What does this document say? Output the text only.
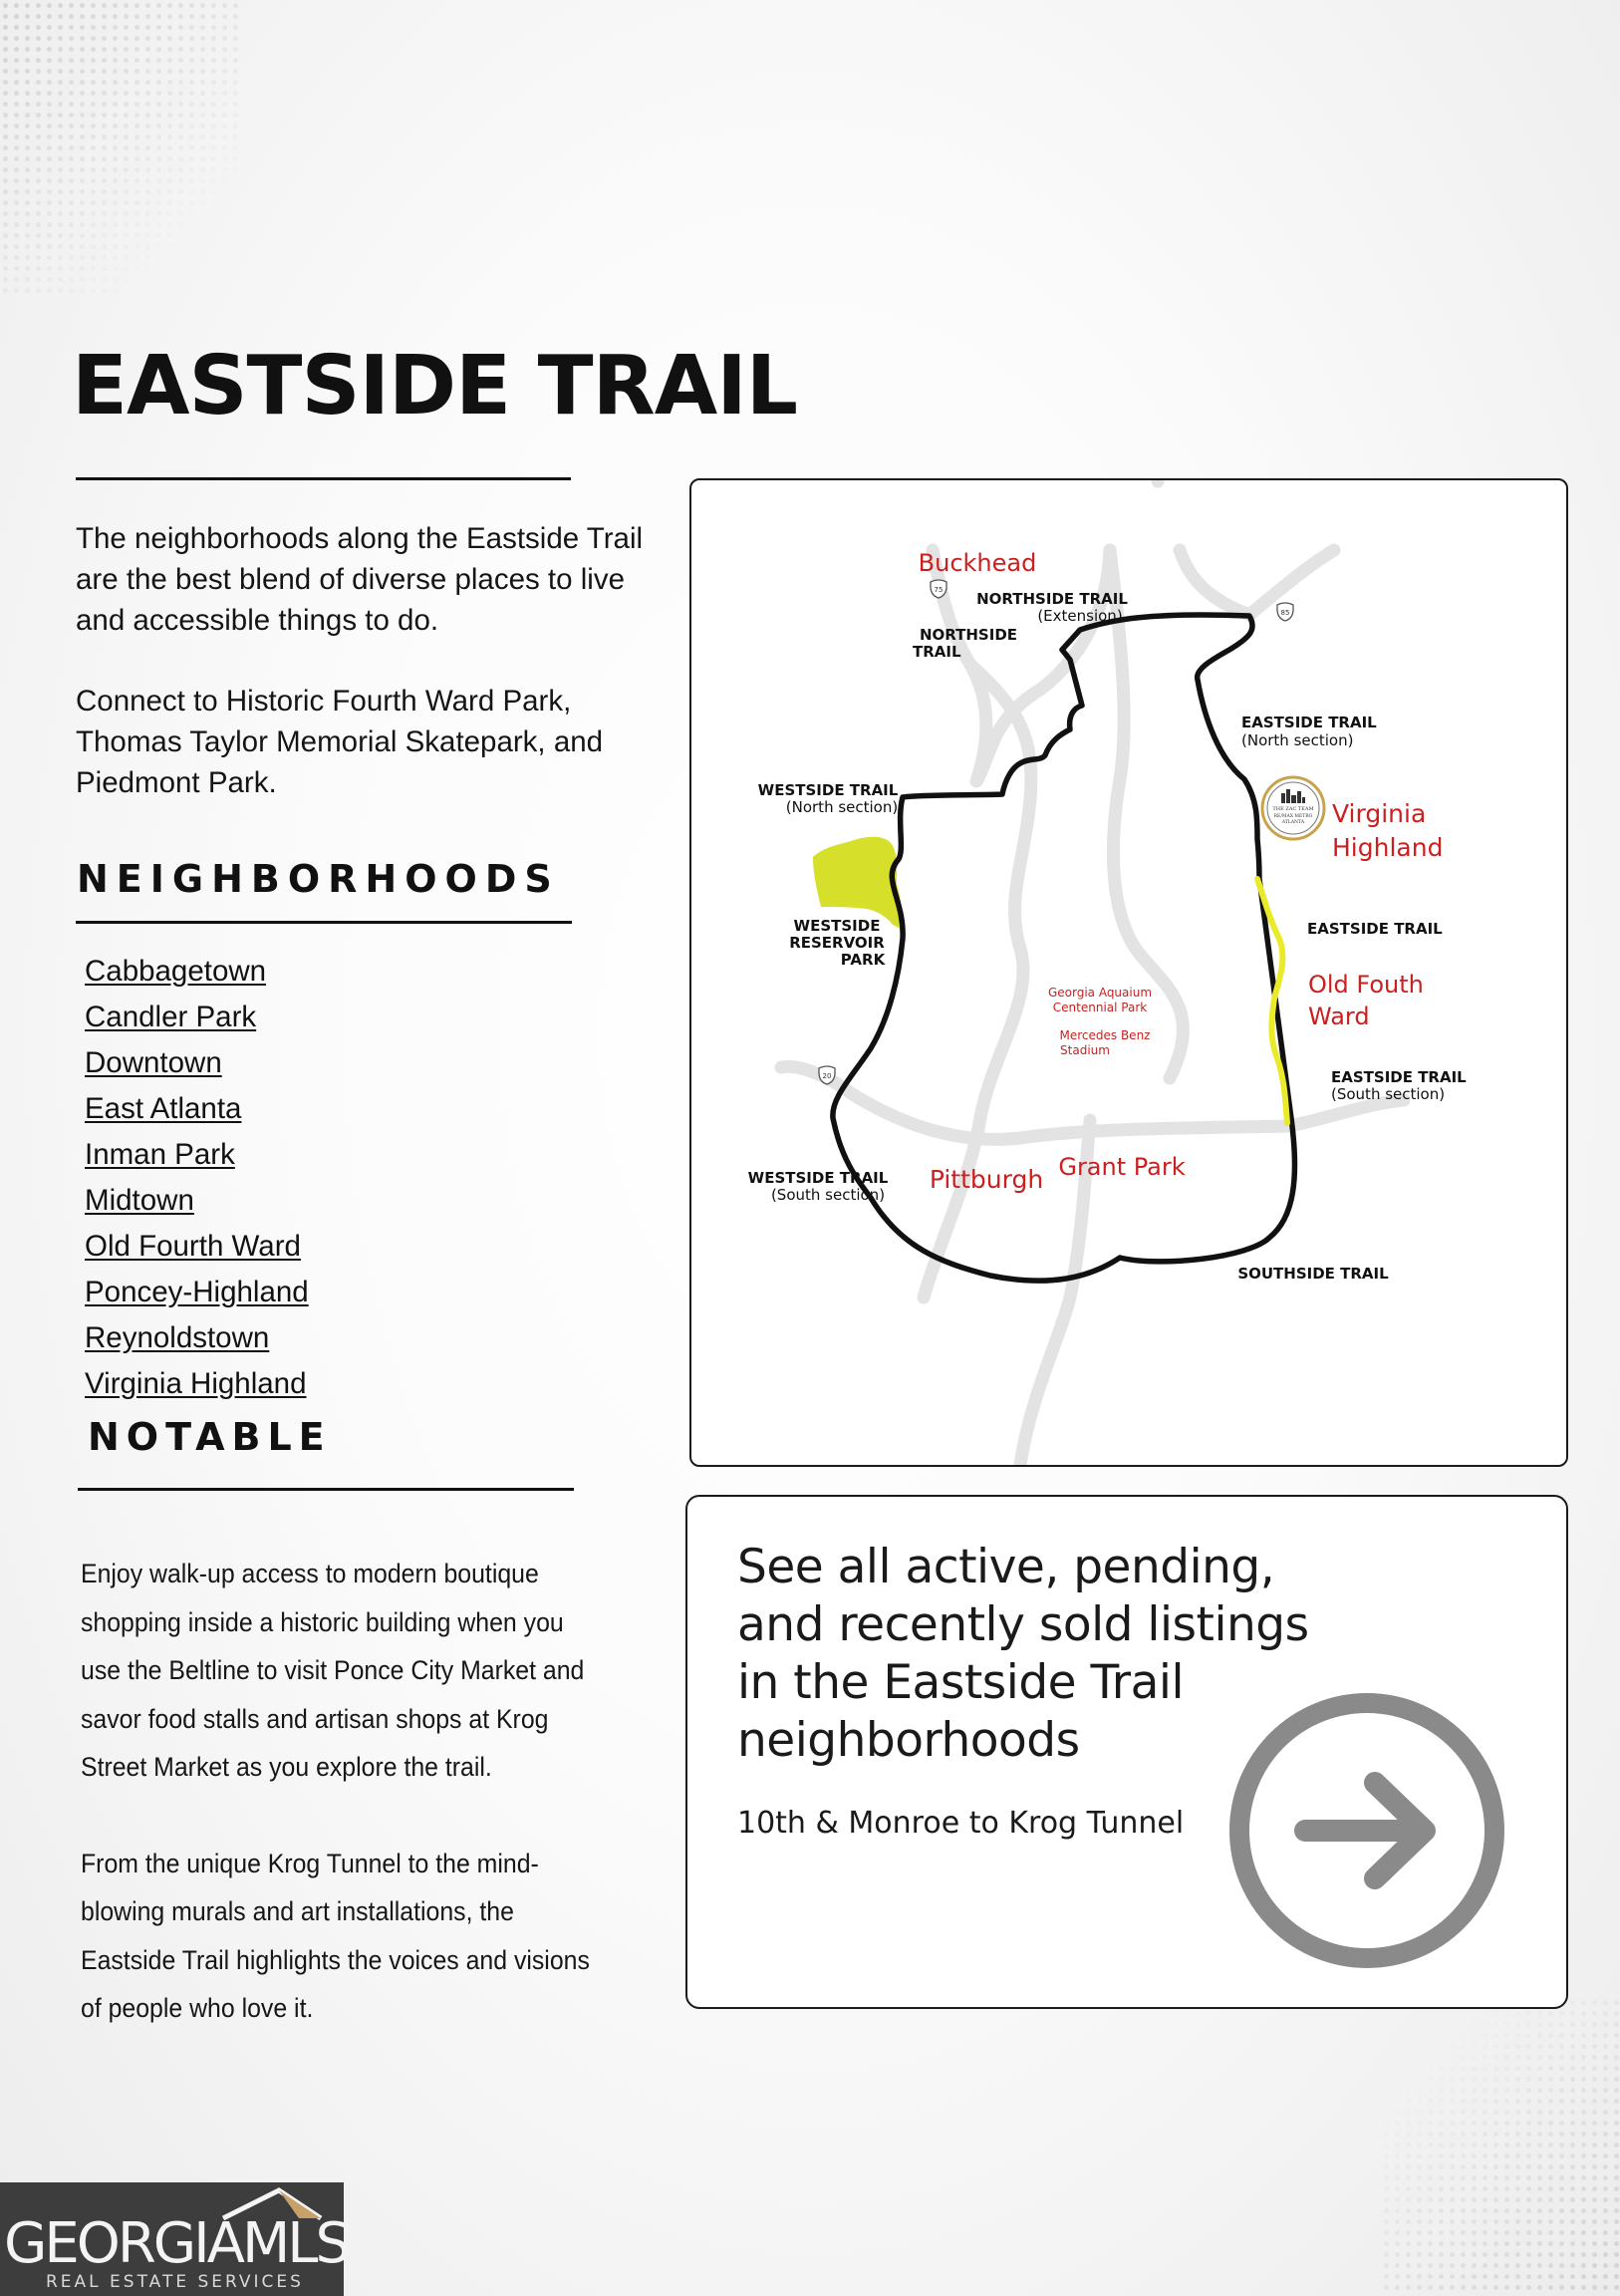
EASTSIDE TRAIL

The neighborhoods along the Eastside Trail are the best blend of diverse places to live and accessible things to do.

Connect to Historic Fourth Ward Park, Thomas Taylor Memorial Skatepark, and Piedmont Park.

NEIGHBORHOODS
Cabbagetown
Candler Park
Downtown
East Atlanta
Inman Park
Midtown
Old Fourth Ward
Poncey-Highland
Reynoldstown
Virginia Highland
NOTABLE

Enjoy walk-up access to modern boutique shopping inside a historic building when you use the Beltline to visit Ponce City Market and savor food stalls and artisan shops at Krog Street Market as you explore the trail.

From the unique Krog Tunnel to the mind-blowing murals and art installations, the Eastside Trail highlights the voices and visions of people who love it.

75
85
20
THE ZAC TEAM
RE/MAX METRO
ATLANTA
Buckhead
Virginia
Highland
Old Fouth
Ward
Pittburgh Grant Park
Georgia Aquaium
Centennial Park
Mercedes Benz
Stadium
NORTHSIDE TRAIL
(Extension)
NORTHSIDE
TRAIL
EASTSIDE TRAIL
(North section)
EASTSIDE TRAIL
EASTSIDE TRAIL
(South section)
WESTSIDE TRAIL
(North section)
WESTSIDE TRAIL
(South section)
SOUTHSIDE TRAIL
WESTSIDE
RESERVOIR
PARK

See all active, pending,
and recently sold listings
in the Eastside Trail
neighborhoods

10th & Monroe to Krog Tunnel

GEORGIAMLS

REAL ESTATE SERVICES
